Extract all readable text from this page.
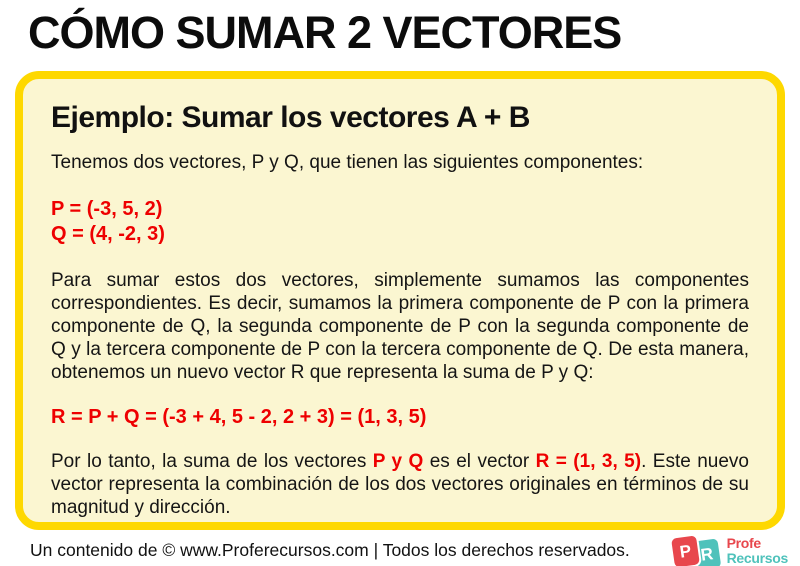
CÓMO SUMAR 2 VECTORES
Ejemplo: Sumar los vectores A + B

Tenemos dos vectores, P y Q, que tienen las siguientes componentes:

P = (-3, 5, 2)

Q = (4, -2, 3)

Para sumar estos dos vectores, simplemente sumamos las componentes correspondientes. Es decir, sumamos la primera componente de P con la primera componente de Q, la segunda componente de P con la segunda componente de Q y la tercera componente de P con la tercera componente de Q. De esta manera, obtenemos un nuevo vector R que representa la suma de P y Q:

R = P + Q = (-3 + 4, 5 - 2, 2 + 3) = (1, 3, 5)

Por lo tanto, la suma de los vectores P y Q es el vector R = (1, 3, 5). Este nuevo vector representa la combinación de los dos vectores originales en términos de su magnitud y dirección.

Un contenido de © www.Proferecursos.com | Todos los derechos reservados.	P R
Profe
Recursos
